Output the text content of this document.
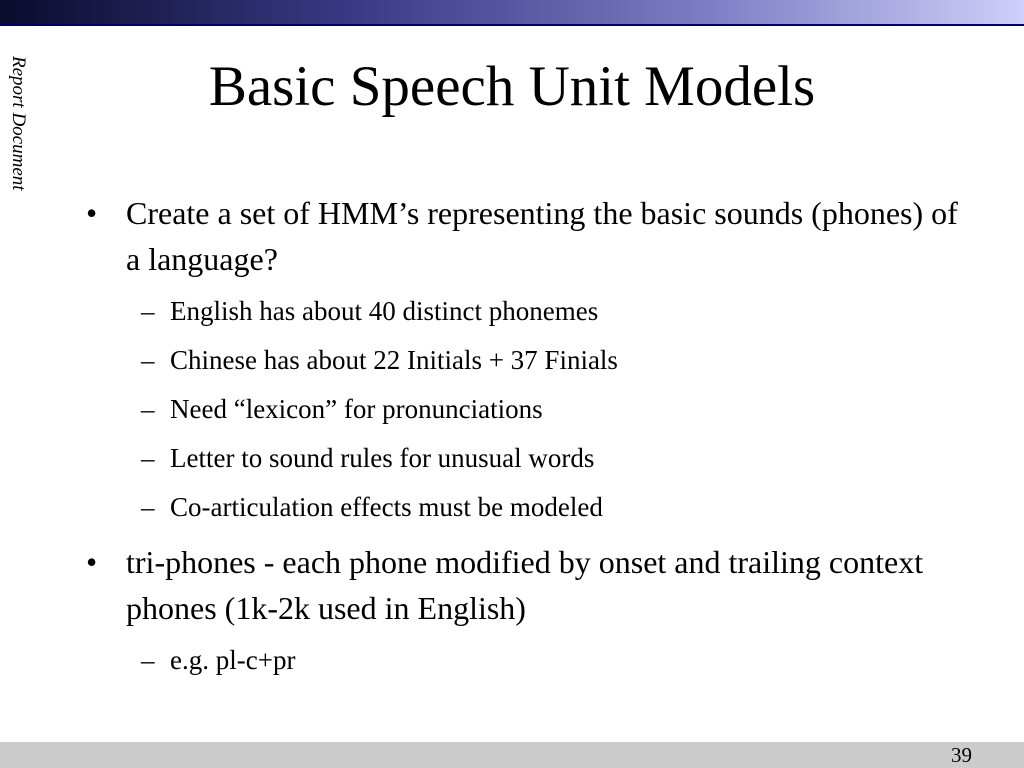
Report Document	Basic Speech Unit Models
• Create a set of HMM’s representing the basic sounds (phones) of a language?
– English has about 40 distinct phonemes
– Chinese has about 22 Initials + 37 Finials
– Need “lexicon” for pronunciations
– Letter to sound rules for unusual words
– Co-articulation effects must be modeled
• tri-phones - each phone modified by onset and trailing context phones (1k-2k used in English)
– e.g. pl-c+pr
39
